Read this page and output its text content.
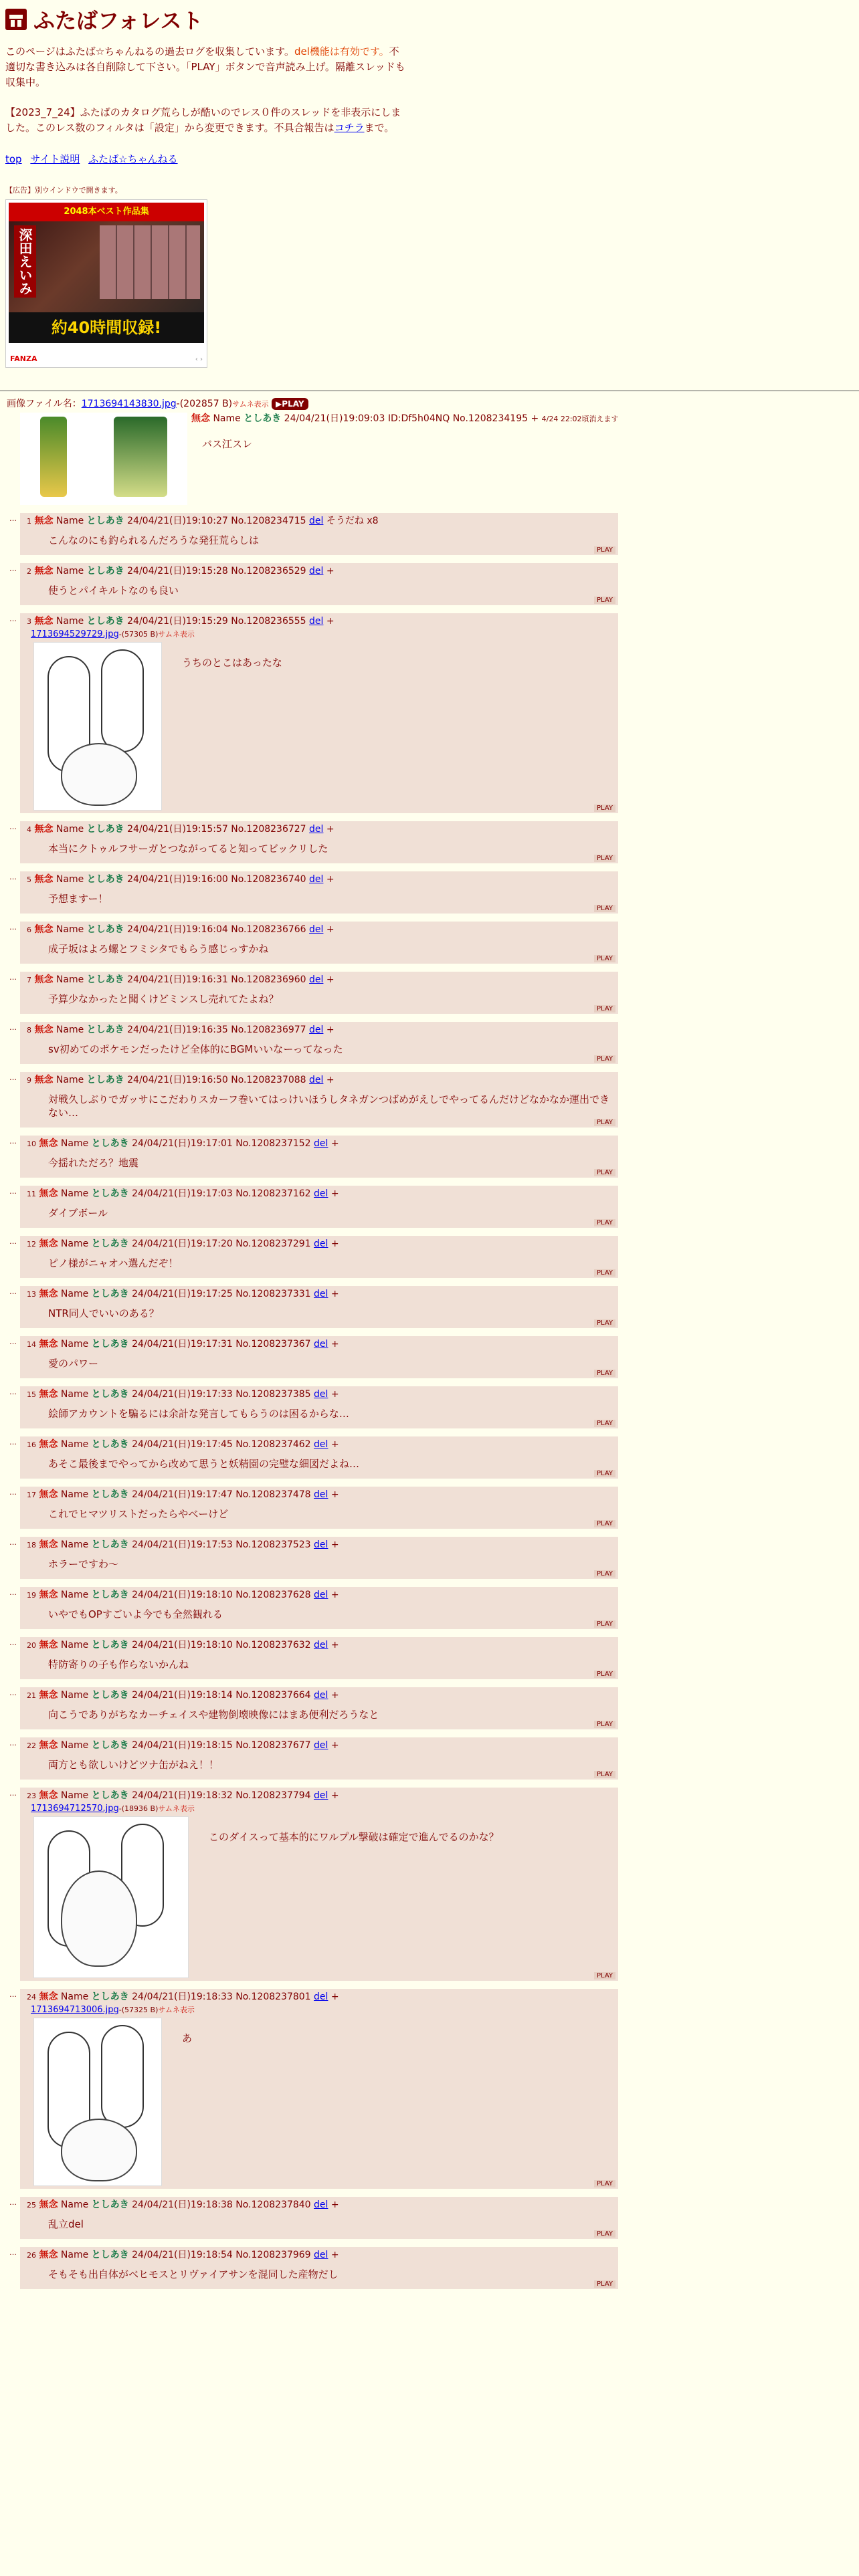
ふたばフォレスト
このページはふたば☆ちゃんねるの過去ログを収集しています。del機能は有効です。不適切な書き込みは各自削除して下さい。「PLAY」ボタンで音声読み上げ。隔離スレッドも収集中。
【2023_7_24】ふたばのカタログ荒らしが酷いのでレス０件のスレッドを非表示にしました。このレス数のフィルタは「設定」から変更できます。不具合報告はコチラまで。
top サイト説明 ふたば☆ちゃんねる
【広告】別ウインドウで開きます。
2048本ベスト作品集
深田えいみ
約40時間収録!
FANZA	‹ ›
画像ファイル名：1713694143830.jpg-(202857 B)サムネ表示 ▶PLAY
無念 Name としあき 24/04/21(日)19:09:03 ID:Df5h04NQ No.1208234195 + 4/24 22:02頃消えます
バス江スレ
…	1 無念 Name としあき 24/04/21(日)19:10:27 No.1208234715 del そうだね x8
こんなのにも釣られるんだろうな発狂荒らしは
PLAY
…	2 無念 Name としあき 24/04/21(日)19:15:28 No.1208236529 del +
使うとパイキルトなのも良い
PLAY
…	3 無念 Name としあき 24/04/21(日)19:15:29 No.1208236555 del +
1713694529729.jpg-(57305 B)サムネ表示
うちのとこはあったな
PLAY
…	4 無念 Name としあき 24/04/21(日)19:15:57 No.1208236727 del +
本当にクトゥルフサーガとつながってると知ってビックリした
PLAY
…	5 無念 Name としあき 24/04/21(日)19:16:00 No.1208236740 del +
予想ますー！
PLAY
…	6 無念 Name としあき 24/04/21(日)19:16:04 No.1208236766 del +
成子坂はよろ螺とフミシタでもらう感じっすかね
PLAY
…	7 無念 Name としあき 24/04/21(日)19:16:31 No.1208236960 del +
予算少なかったと聞くけどミンスし売れてたよね？
PLAY
…	8 無念 Name としあき 24/04/21(日)19:16:35 No.1208236977 del +
sv初めてのポケモンだったけど全体的にBGMいいなーってなった
PLAY
…	9 無念 Name としあき 24/04/21(日)19:16:50 No.1208237088 del +
対戦久しぶりでガッサにこだわりスカーフ巻いてはっけいほうしタネガンつばめがえしでやってるんだけどなかなか運出できない…
PLAY
…	10 無念 Name としあき 24/04/21(日)19:17:01 No.1208237152 del +
今揺れただろ？地震
PLAY
…	11 無念 Name としあき 24/04/21(日)19:17:03 No.1208237162 del +
ダイブボール
PLAY
…	12 無念 Name としあき 24/04/21(日)19:17:20 No.1208237291 del +
ピノ様がニャオハ選んだぞ！
PLAY
…	13 無念 Name としあき 24/04/21(日)19:17:25 No.1208237331 del +
NTR同人でいいのある？
PLAY
…	14 無念 Name としあき 24/04/21(日)19:17:31 No.1208237367 del +
愛のパワー
PLAY
…	15 無念 Name としあき 24/04/21(日)19:17:33 No.1208237385 del +
絵師アカウントを騙るには余計な発言してもらうのは困るからな…
PLAY
…	16 無念 Name としあき 24/04/21(日)19:17:45 No.1208237462 del +
あそこ最後までやってから改めて思うと妖精園の完璧な細図だよね…
PLAY
…	17 無念 Name としあき 24/04/21(日)19:17:47 No.1208237478 del +
これでヒマツリストだったらやべーけど
PLAY
…	18 無念 Name としあき 24/04/21(日)19:17:53 No.1208237523 del +
ホラーですわ〜
PLAY
…	19 無念 Name としあき 24/04/21(日)19:18:10 No.1208237628 del +
いやでもOPすごいよ今でも全然観れる
PLAY
…	20 無念 Name としあき 24/04/21(日)19:18:10 No.1208237632 del +
特防寄りの子も作らないかんね
PLAY
…	21 無念 Name としあき 24/04/21(日)19:18:14 No.1208237664 del +
向こうでありがちなカーチェイスや建物倒壊映像にはまあ便利だろうなと
PLAY
…	22 無念 Name としあき 24/04/21(日)19:18:15 No.1208237677 del +
両方とも欲しいけどツナ缶がねえ！！
PLAY
…	23 無念 Name としあき 24/04/21(日)19:18:32 No.1208237794 del +
1713694712570.jpg-(18936 B)サムネ表示
このダイスって基本的にワルプル撃破は確定で進んでるのかな？
PLAY
…	24 無念 Name としあき 24/04/21(日)19:18:33 No.1208237801 del +
1713694713006.jpg-(57325 B)サムネ表示
あ
PLAY
…	25 無念 Name としあき 24/04/21(日)19:18:38 No.1208237840 del +
乱立del
PLAY
…	26 無念 Name としあき 24/04/21(日)19:18:54 No.1208237969 del +
そもそも出自体がベヒモスとリヴァイアサンを混同した産物だし
PLAY
